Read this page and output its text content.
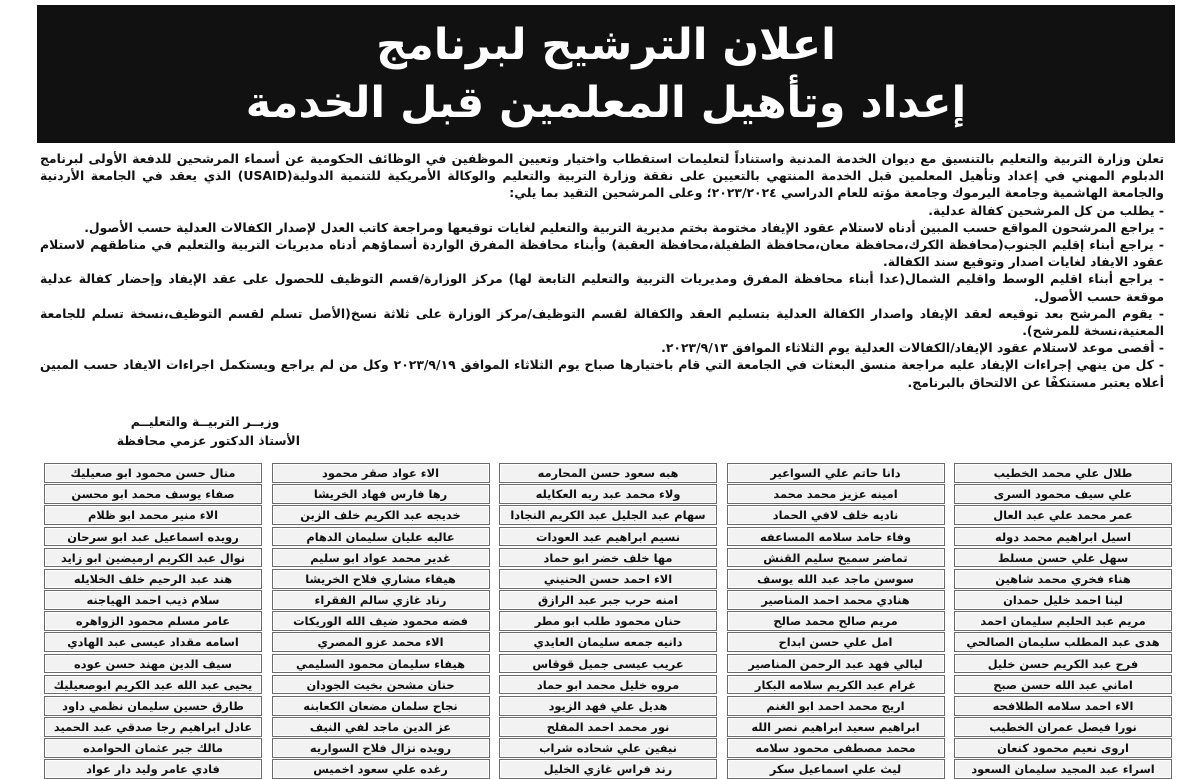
اعلان الترشيح لبرنامج
إعداد وتأهيل المعلمين قبل الخدمة

تعلن وزارة التربية والتعليم بالتنسيق مع ديوان الخدمة المدنية واستناداً لتعليمات استقطاب واختيار وتعيين الموظفين في الوظائف الحكومية عن أسماء المرشحين للدفعة الأولى لبرنامج الدبلوم المهني في إعداد وتأهيل المعلمين قبل الخدمة المنتهي بالتعيين على نفقة وزارة التربية والتعليم والوكالة الأمريكية للتنمية الدولية(USAID) الذي يعقد في الجامعة الأردنية والجامعة الهاشمية وجامعة اليرموك وجامعة مؤته للعام الدراسي ٢٠٢٣/٢٠٢٤؛ وعلى المرشحين التقيد بما يلي:

- يطلب من كل المرشحين كفالة عدلية.

- يراجع المرشحون المواقع حسب المبين أدناه لاستلام عقود الإيفاد مختومة بختم مديرية التربية والتعليم لغايات توقيعها ومراجعة كاتب العدل لإصدار الكفالات العدلية حسب الأصول.

- يراجع أبناء إقليم الجنوب(محافظة الكرك،محافظة معان،محافظة الطفيلة،محافظة العقبة) وأبناء محافظة المفرق الواردة أسماؤهم أدناه مديريات التربية والتعليم في مناطقهم لاستلام عقود الايفاد لغايات اصدار وتوقيع سند الكفالة.

- يراجع أبناء اقليم الوسط واقليم الشمال(عدا أبناء محافظة المفرق ومديريات التربية والتعليم التابعة لها) مركز الوزارة/قسم التوظيف للحصول على عقد الإيفاد وإحضار كفالة عدلية موقعة حسب الأصول.

- يقوم المرشح بعد توقيعه لعقد الإيفاد واصدار الكفالة العدلية بتسليم العقد والكفالة لقسم التوظيف/مركز الوزارة على ثلاثة نسخ(الأصل تسلم لقسم التوظيف،نسخة تسلم للجامعة المعنية،نسخة للمرشح).

- أقصى موعد لاستلام عقود الإيفاد/الكفالات العدلية يوم الثلاثاء الموافق ٢٠٢٣/٩/١٣.

- كل من ينهي إجراءات الإيفاد عليه مراجعة منسق البعثات في الجامعة التي قام باختيارها صباح يوم الثلاثاء الموافق ٢٠٢٣/٩/١٩ وكل من لم يراجع ويستكمل اجراءات الايفاد حسب المبين أعلاه يعتبر مستنكفًا عن الالتحاق بالبرنامج.

وزيــر التربيــة والتعليــم
الأستاذ الدكتور عزمي محافظة
طلال علي محمد الخطيب
علي سيف محمود السرى
عمر محمد علي عبد العال
اسيل ابراهيم محمد دوله
سهل علي حسن مسلط
هناء فخري محمد شاهين
لينا احمد خليل حمدان
مريم عبد الحليم سليمان احمد
هدى عبد المطلب سليمان الصالحي
فرح عبد الكريم حسن خليل
اماني عبد الله حسن صبح
الاء احمد سلامه الطلافحه
نورا فيصل عمران الخطيب
اروى نعيم محمود كنعان
اسراء عبد المجيد سليمان السعود
دانا حاتم علي السواعير
امينه عزيز محمد محمد
ناديه خلف لافي الحماد
وفاء حامد سلامه المساعفه
تماضر سميح سليم القنش
سوسن ماجد عبد الله يوسف
هنادي محمد احمد المناصير
مريم صالح محمد صالح
امل علي حسن ابداح
ليالي فهد عبد الرحمن المناصير
غرام عبد الكريم سلامه البكار
اريج محمد احمد ابو الغنم
ابراهيم سعيد ابراهيم نصر الله
محمد مصطفى محمود سلامه
ليث علي اسماعيل سكر
هبه سعود حسن المحارمه
ولاء محمد عبد ربه العكايله
سهام عبد الجليل عبد الكريم النجادا
نسيم ابراهيم عبد العودات
مها خلف خضر ابو حماد
الاء احمد حسن الحنيني
امنه حرب جبر عبد الرازق
حنان محمود طلب ابو مطر
دانيه جمعه سليمان العايدي
عريب عيسى جميل قوقاس
مروه خليل محمد ابو حماد
هديل علي فهد الزيود
نور محمد احمد المفلح
نيفين علي شحاده شراب
رند فراس غازي الخليل
الاء عواد صقر محمود
رها فارس فهاد الخريشا
خديجه عبد الكريم خلف الزبن
عاليه عليان سليمان الدهام
غدير محمد عواد ابو سليم
هيفاء مشاري فلاح الخريشا
رناد غازي سالم الفقراء
فضه محمود ضيف الله الوريكات
الاء محمد عزو المصري
هيفاء سليمان محمود السليمي
حنان مشحن بخيت الجودان
نجاح سلمان مضعان الكعابنه
عز الدين ماجد لفي النيف
رويده نزال فلاح السواريه
رغده علي سعود اخميس
منال حسن محمود ابو صعيليك
صفاء يوسف محمد ابو محسن
الاء منير محمد ابو ظلام
رويده اسماعيل عبد ابو سرحان
نوال عبد الكريم ارميضين ابو زايد
هند عبد الرحيم خلف الخلايله
سلام ذيب احمد الهياجنه
عامر مسلم محمود الزواهره
اسامه مقداد عيسى عبد الهادي
سيف الدين مهند حسن عوده
يحيى عبد الله عبد الكريم ابوصعيليك
طارق حسين سليمان نظمي داود
عادل ابراهيم رجا صدقي عبد الحميد
مالك جبر عثمان الحوامده
فادي عامر وليد دار عواد
